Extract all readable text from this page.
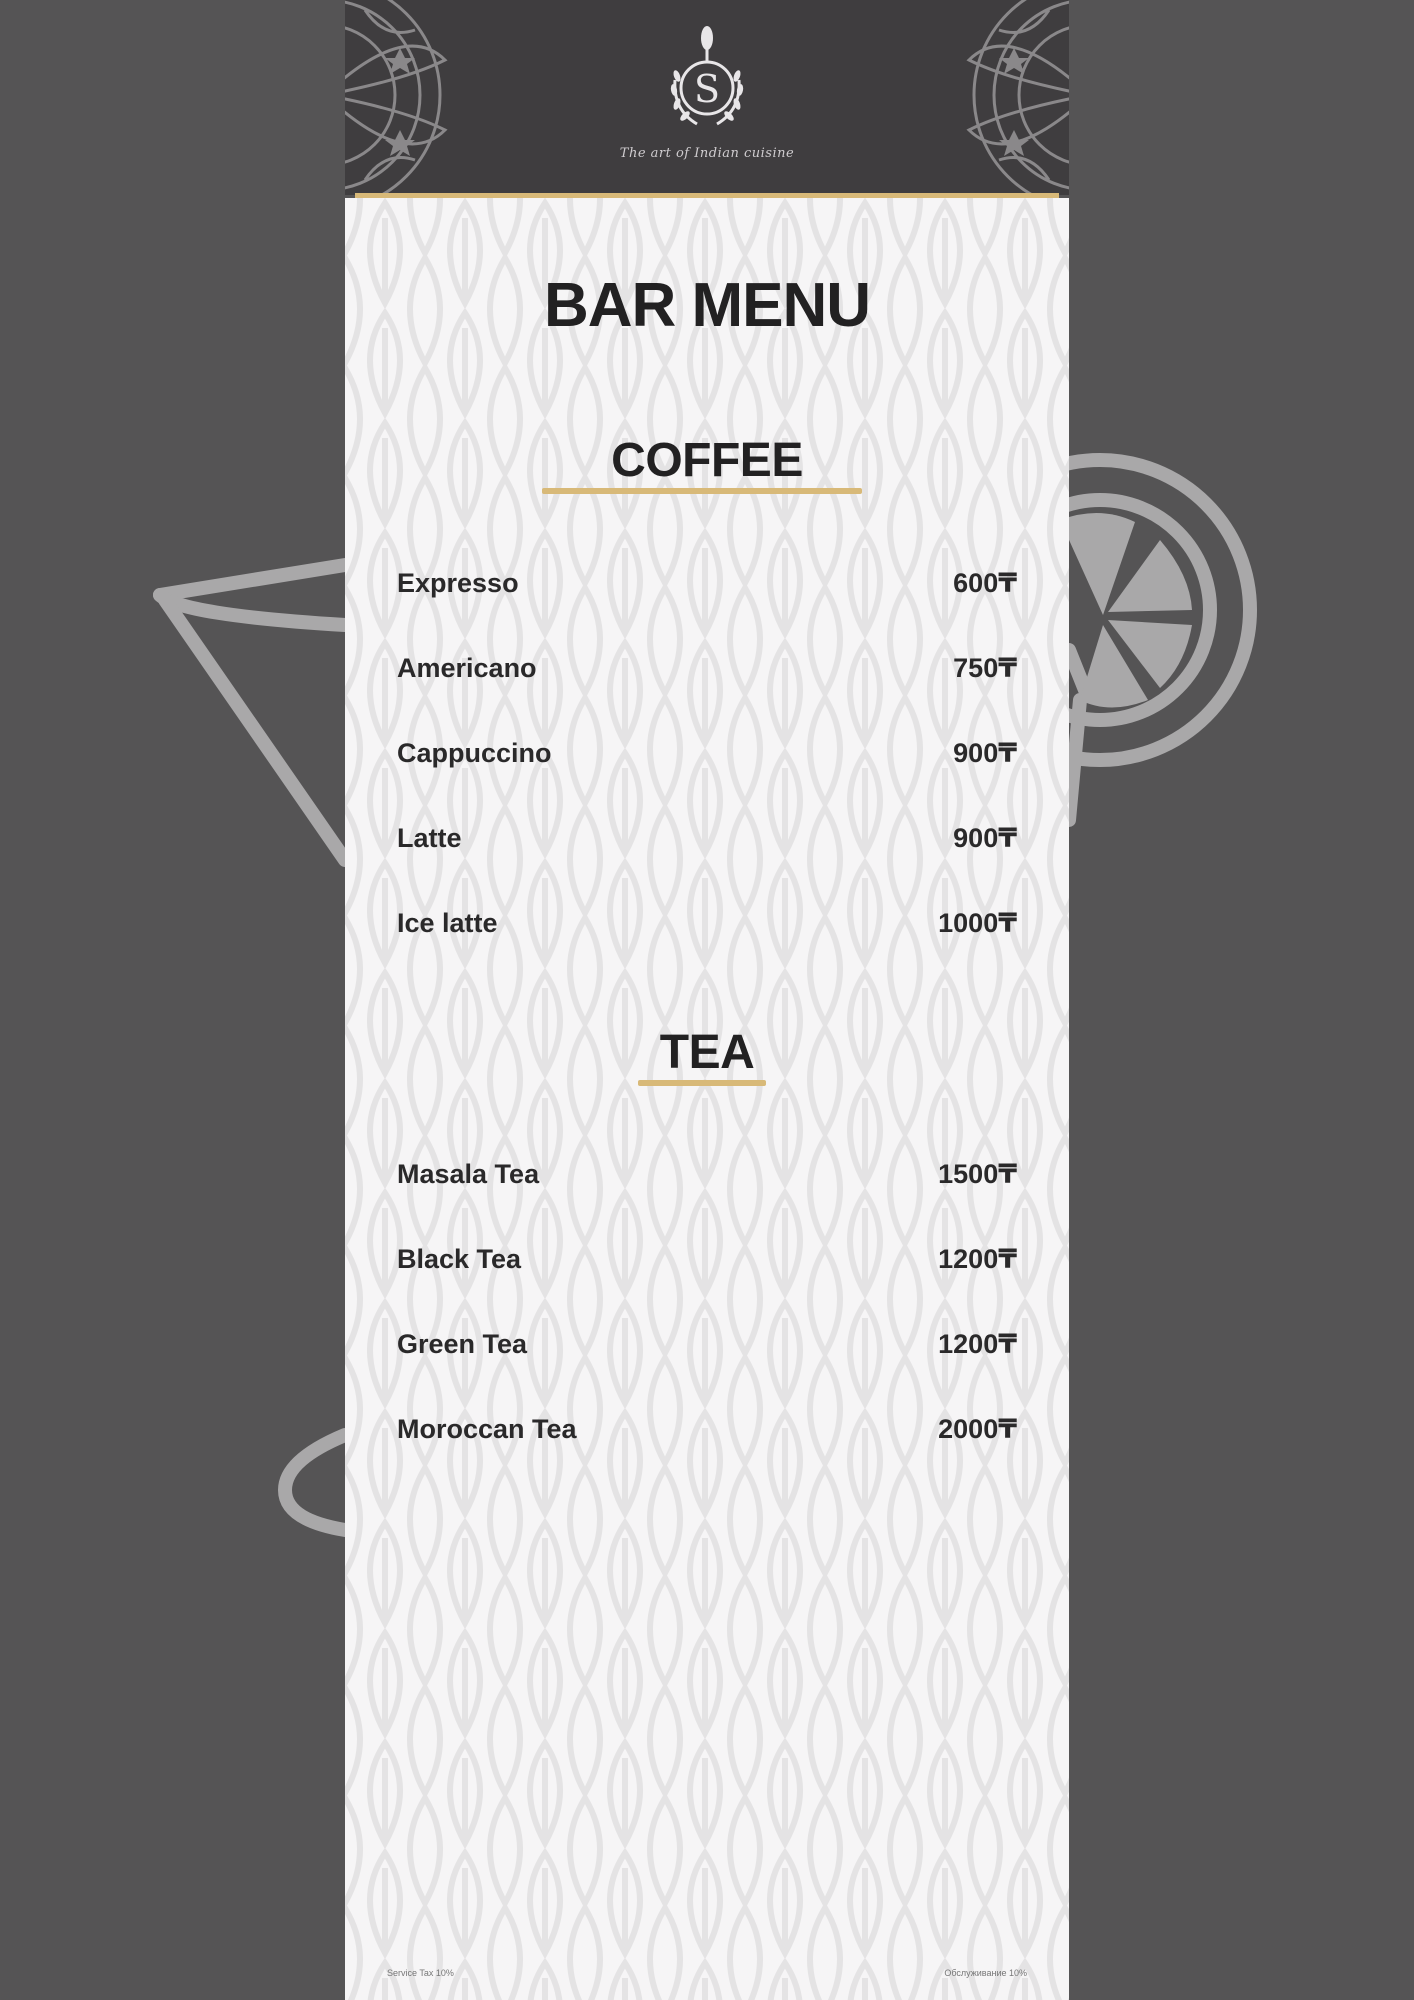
S
The art of Indian cuisine
BAR MENU
COFFEE
Expresso	600₸
Americano	750₸
Cappuccino	900₸
Latte	900₸
Ice latte	1000₸
TEA
Masala Tea	1500₸
Black Tea	1200₸
Green Tea	1200₸
Moroccan Tea	2000₸
Service Tax 10%	Обслуживание 10%
